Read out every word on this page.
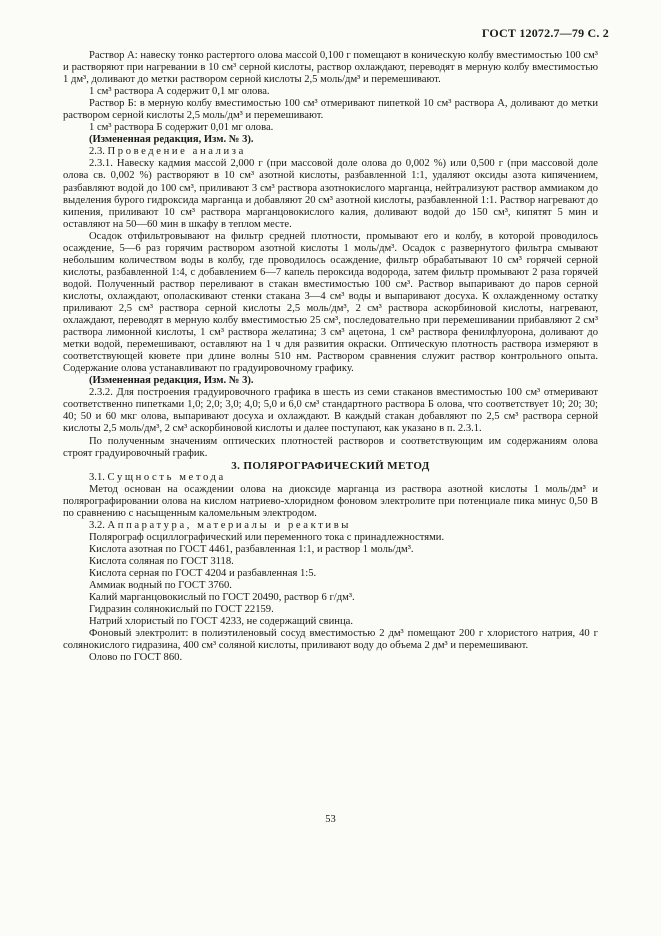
ГОСТ 12072.7—79 С. 2

Раствор А: навеску тонко растертого олова массой 0,100 г помещают в коническую колбу вместимостью 100 см³ и растворяют при нагревании в 10 см³ серной кислоты, раствор охлаждают, переводят в мерную колбу вместимостью 1 дм³, доливают до метки раствором серной кислоты 2,5 моль/дм³ и перемешивают.

1 см³ раствора А содержит 0,1 мг олова.

Раствор Б: в мерную колбу вместимостью 100 см³ отмеривают пипеткой 10 см³ раствора А, доливают до метки раствором серной кислоты 2,5 моль/дм³ и перемешивают.

1 см³ раствора Б содержит 0,01 мг олова.

(Измененная редакция, Изм. № 3).

2.3. Проведение анализа

2.3.1. Навеску кадмия массой 2,000 г (при массовой доле олова до 0,002 %) или 0,500 г (при массовой доле олова св. 0,002 %) растворяют в 10 см³ азотной кислоты, разбавленной 1:1, удаляют оксиды азота кипячением, разбавляют водой до 100 см³, приливают 3 см³ раствора азотнокислого марганца, нейтрализуют раствор аммиаком до выделения бурого гидроксида марганца и добавляют 20 см³ азотной кислоты, разбавленной 1:1. Раствор нагревают до кипения, приливают 10 см³ раствора марганцовокислого калия, доливают водой до 150 см³, кипятят 5 мин и оставляют на 50—60 мин в шкафу в теплом месте.

Осадок отфильтровывают на фильтр средней плотности, промывают его и колбу, в которой проводилось осаждение, 5—6 раз горячим раствором азотной кислоты 1 моль/дм³. Осадок с развернутого фильтра смывают небольшим количеством воды в колбу, где проводилось осаждение, фильтр обрабатывают 10 см³ горячей серной кислоты, разбавленной 1:4, с добавлением 6—7 капель пероксида водорода, затем фильтр промывают 2 раза горячей водой. Полученный раствор переливают в стакан вместимостью 100 см³. Раствор выпаривают до паров серной кислоты, охлаждают, ополаскивают стенки стакана 3—4 см³ воды и выпаривают досуха. К охлажденному остатку приливают 2,5 см³ раствора серной кислоты 2,5 моль/дм³, 2 см³ раствора аскорбиновой кислоты, нагревают, охлаждают, переводят в мерную колбу вместимостью 25 см³, последовательно при перемешивании прибавляют 2 см³ раствора лимонной кислоты, 1 см³ раствора желатина; 3 см³ ацетона, 1 см³ раствора фенилфлуорона, доливают до метки водой, перемешивают, оставляют на 1 ч для развития окраски. Оптическую плотность раствора измеряют в соответствующей кювете при длине волны 510 нм. Раствором сравнения служит раствор контрольного опыта. Содержание олова устанавливают по градуировочному графику.

(Измененная редакция, Изм. № 3).

2.3.2. Для построения градуировочного графика в шесть из семи стаканов вместимостью 100 см³ отмеривают соответственно пипетками 1,0; 2,0; 3,0; 4,0; 5,0 и 6,0 см³ стандартного раствора Б олова, что соответствует 10; 20; 30; 40; 50 и 60 мкг олова, выпаривают досуха и охлаждают. В каждый стакан добавляют по 2,5 см³ раствора серной кислоты 2,5 моль/дм³, 2 см³ аскорбиновой кислоты и далее поступают, как указано в п. 2.3.1.

По полученным значениям оптических плотностей растворов и соответствующим им содержаниям олова строят градуировочный график.

3. ПОЛЯРОГРАФИЧЕСКИЙ МЕТОД

3.1. Сущность метода

Метод основан на осаждении олова на диоксиде марганца из раствора азотной кислоты 1 моль/дм³ и полярографировании олова на кислом натриево-хлоридном фоновом электролите при потенциале пика минус 0,50 В по сравнению с насыщенным каломельным электродом.

3.2. Аппаратура, материалы и реактивы

Полярограф осциллографический или переменного тока с принадлежностями.

Кислота азотная по ГОСТ 4461, разбавленная 1:1, и раствор 1 моль/дм³.

Кислота соляная по ГОСТ 3118.

Кислота серная по ГОСТ 4204 и разбавленная 1:5.

Аммиак водный по ГОСТ 3760.

Калий марганцовокислый по ГОСТ 20490, раствор 6 г/дм³.

Гидразин солянокислый по ГОСТ 22159.

Натрий хлористый по ГОСТ 4233, не содержащий свинца.

Фоновый электролит: в полиэтиленовый сосуд вместимостью 2 дм³ помещают 200 г хлористого натрия, 40 г солянокислого гидразина, 400 см³ соляной кислоты, приливают воду до объема 2 дм³ и перемешивают.

Олово по ГОСТ 860.

53
